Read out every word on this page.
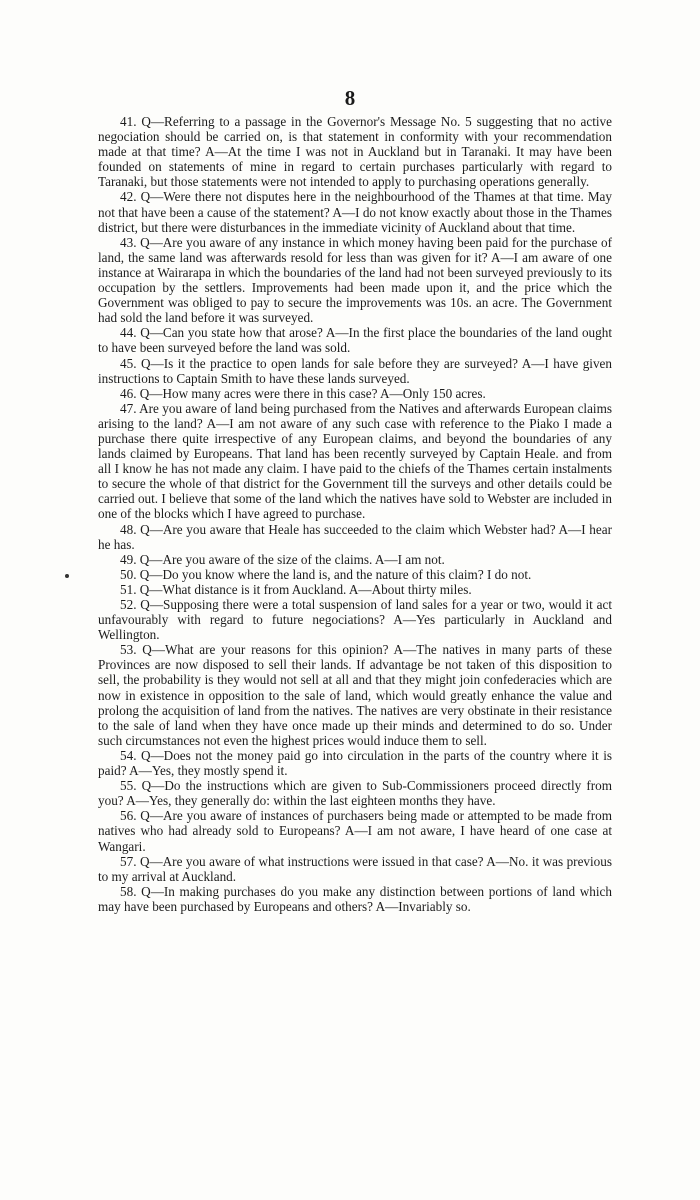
8

41. Q—Referring to a passage in the Governor's Message No. 5 suggesting that no active negociation should be carried on, is that statement in conformity with your recommendation made at that time? A—At the time I was not in Auckland but in Taranaki. It may have been founded on statements of mine in regard to certain purchases particularly with regard to Taranaki, but those statements were not intended to apply to purchasing operations generally.

42. Q—Were there not disputes here in the neighbourhood of the Thames at that time. May not that have been a cause of the statement? A—I do not know exactly about those in the Thames district, but there were disturbances in the immediate vicinity of Auckland about that time.

43. Q—Are you aware of any instance in which money having been paid for the purchase of land, the same land was afterwards resold for less than was given for it? A—I am aware of one instance at Wairarapa in which the boundaries of the land had not been surveyed previously to its occupation by the settlers. Improvements had been made upon it, and the price which the Government was obliged to pay to secure the improvements was 10s. an acre. The Government had sold the land before it was surveyed.

44. Q—Can you state how that arose? A—In the first place the boundaries of the land ought to have been surveyed before the land was sold.

45. Q—Is it the practice to open lands for sale before they are surveyed? A—I have given instructions to Captain Smith to have these lands surveyed.

46. Q—How many acres were there in this case? A—Only 150 acres.

47. Are you aware of land being purchased from the Natives and afterwards European claims arising to the land? A—I am not aware of any such case with reference to the Piako I made a purchase there quite irrespective of any European claims, and beyond the boundaries of any lands claimed by Europeans. That land has been recently surveyed by Captain Heale. and from all I know he has not made any claim. I have paid to the chiefs of the Thames certain instalments to secure the whole of that district for the Government till the surveys and other details could be carried out. I believe that some of the land which the natives have sold to Webster are included in one of the blocks which I have agreed to purchase.

48. Q—Are you aware that Heale has succeeded to the claim which Webster had? A—I hear he has.

49. Q—Are you aware of the size of the claims. A—I am not.

50. Q—Do you know where the land is, and the nature of this claim? I do not.

51. Q—What distance is it from Auckland. A—About thirty miles.

52. Q—Supposing there were a total suspension of land sales for a year or two, would it act unfavourably with regard to future negociations? A—Yes particularly in Auckland and Wellington.

53. Q—What are your reasons for this opinion? A—The natives in many parts of these Provinces are now disposed to sell their lands. If advantage be not taken of this disposition to sell, the probability is they would not sell at all and that they might join confederacies which are now in existence in opposition to the sale of land, which would greatly enhance the value and prolong the acquisition of land from the natives. The natives are very obstinate in their resistance to the sale of land when they have once made up their minds and determined to do so. Under such circumstances not even the highest prices would induce them to sell.

54. Q—Does not the money paid go into circulation in the parts of the country where it is paid? A—Yes, they mostly spend it.

55. Q—Do the instructions which are given to Sub-Commissioners proceed directly from you? A—Yes, they generally do: within the last eighteen months they have.

56. Q—Are you aware of instances of purchasers being made or attempted to be made from natives who had already sold to Europeans? A—I am not aware, I have heard of one case at Wangari.

57. Q—Are you aware of what instructions were issued in that case? A—No. it was previous to my arrival at Auckland.

58. Q—In making purchases do you make any distinction between portions of land which may have been purchased by Europeans and others? A—Invariably so.
